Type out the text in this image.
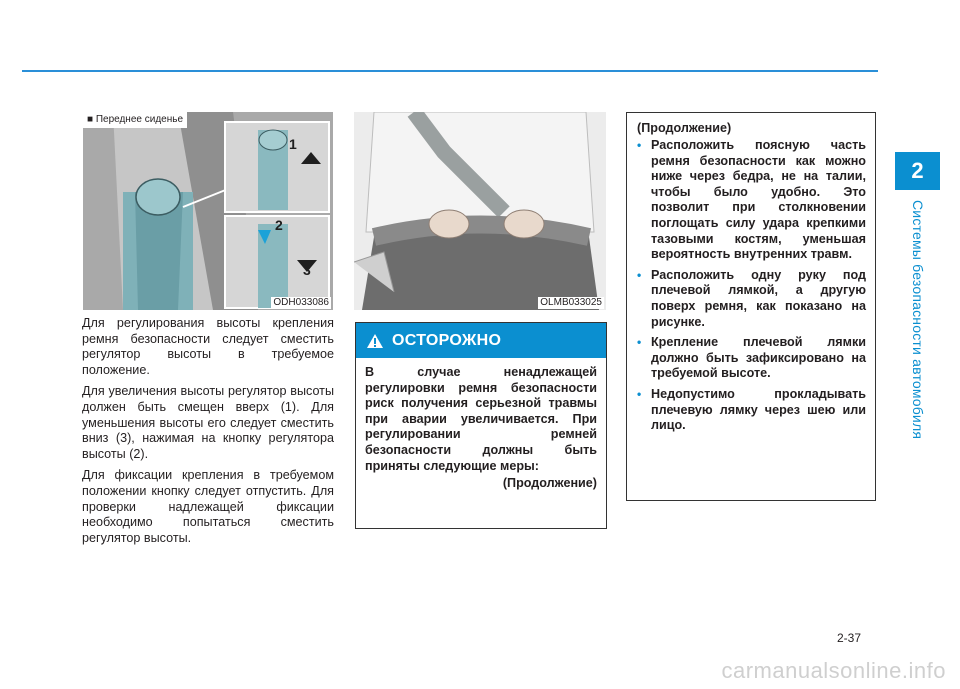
2
Системы безопасности автомобиля
■ Переднее сиденье
1
2
3
ODH033086	OLMB033025

Для регулирования высоты крепления ремня безопасности следует сместить регулятор высоты в требуемое положение.

Для увеличения высоты регулятор высоты должен быть смещен вверх (1). Для уменьшения высоты его следует сместить вниз (3), нажимая на кнопку регулятора высоты (2).

Для фиксации крепления в требуемом положении кнопку следует отпустить. Для проверки надлежащей фиксации необходимо попытаться сместить регулятор высоты.

ОСТОРОЖНО
В случае ненадлежащей регулировки ремня безопасности риск получения серьезной травмы при аварии увеличивается. При регулировании ремней безопасности должны быть приняты следующие меры:
(Продолжение)
(Продолжение)
• Расположить поясную часть ремня безопасности как можно ниже через бедра, не на талии, чтобы было удобно. Это позволит при столкновении поглощать силу удара крепкими тазовыми костям, уменьшая вероятность внутренних травм.
• Расположить одну руку под плечевой лямкой, а другую поверх ремня, как показано на рисунке.
• Крепление плечевой лямки должно быть зафиксировано на требуемой высоте.
• Недопустимо прокладывать плечевую лямку через шею или лицо.
2-37
carmanualsonline.info
